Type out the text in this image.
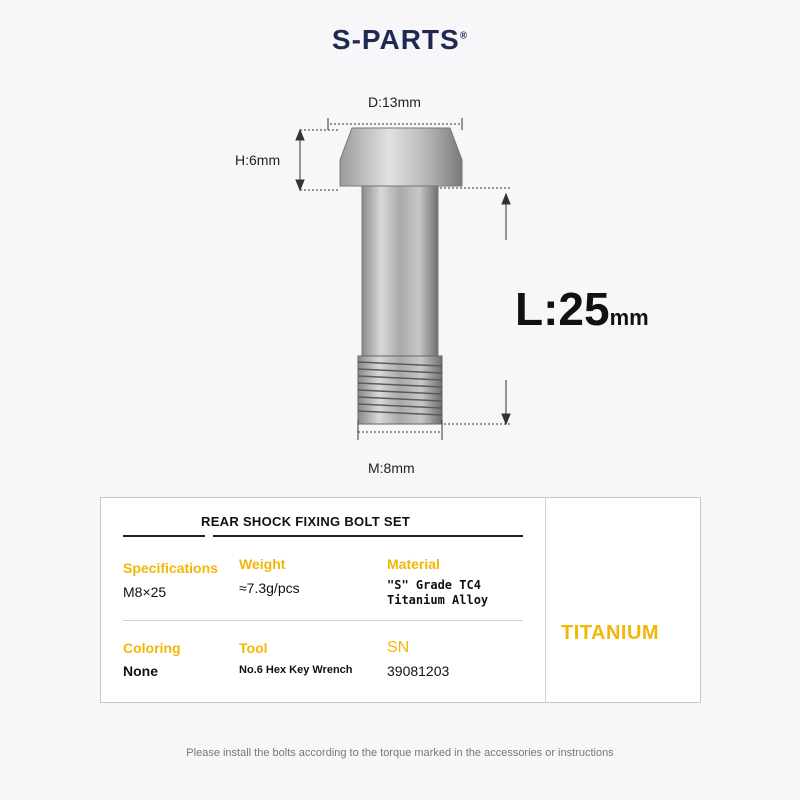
S-PARTS®
D:13mm
H:6mm
M:8mm
L:25mm
REAR SHOCK FIXING BOLT SET
Specifications
M8×25
Weight
≈7.3g/pcs
Material
"S" Grade TC4
Titanium Alloy
Coloring
None
Tool
No.6 Hex Key Wrench
SN
39081203
TITANIUM
Please install the bolts according to the torque marked in the accessories or instructions
